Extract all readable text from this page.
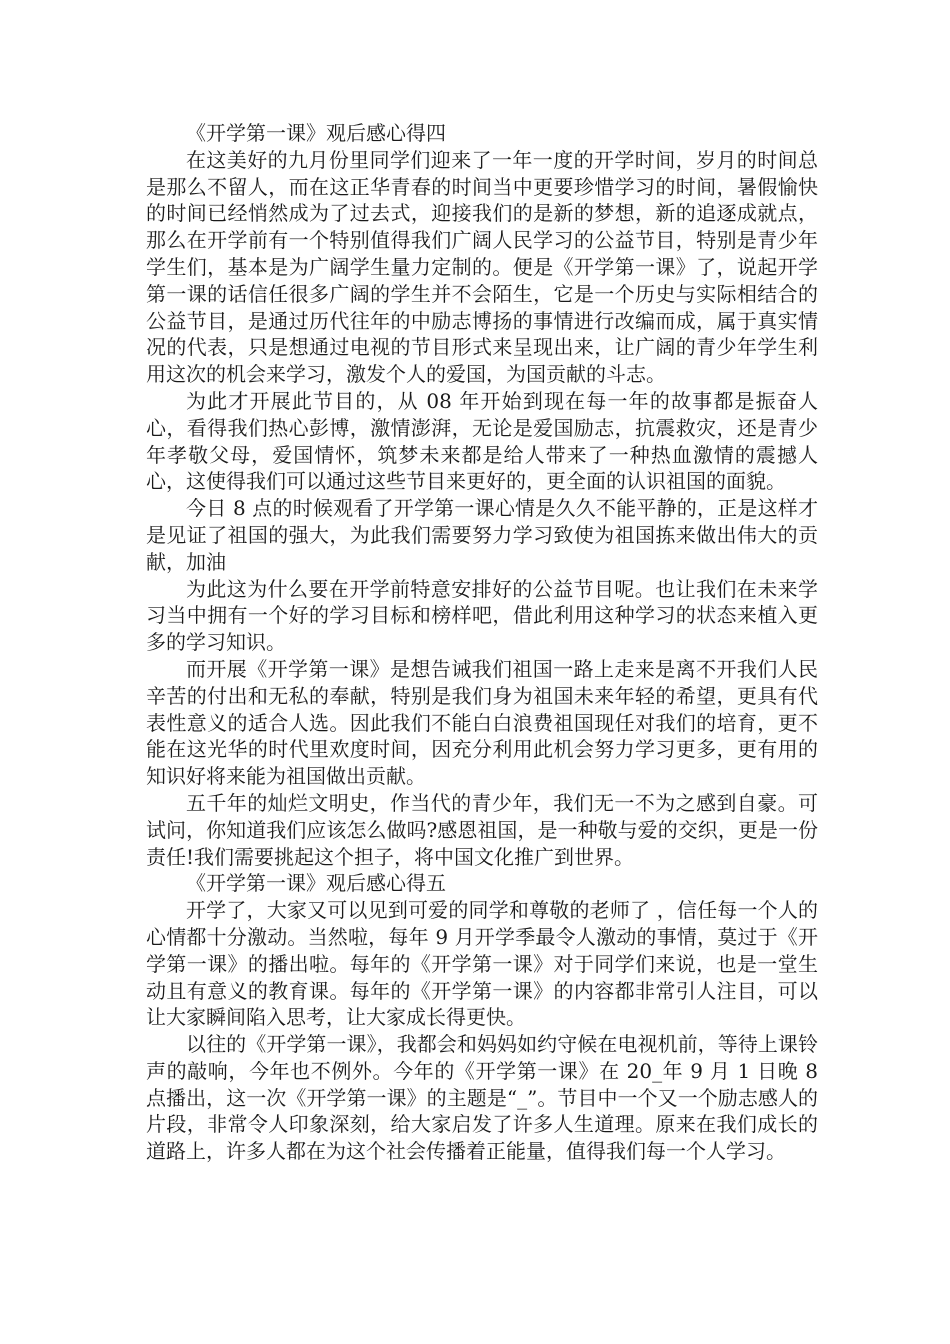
《开学第一课》观后感心得四

在这美好的九月份里同学们迎来了一年一度的开学时间，岁月的时间总是那么不留人，而在这正华青春的时间当中更要珍惜学习的时间，暑假愉快的时间已经悄然成为了过去式，迎接我们的是新的梦想，新的追逐成就点，那么在开学前有一个特别值得我们广阔人民学习的公益节目，特别是青少年学生们，基本是为广阔学生量力定制的。便是《开学第一课》了，说起开学第一课的话信任很多广阔的学生并不会陌生，它是一个历史与实际相结合的公益节目，是通过历代往年的中励志博扬的事情进行改编而成，属于真实情况的代表，只是想通过电视的节目形式来呈现出来，让广阔的青少年学生利用这次的机会来学习，激发个人的爱国，为国贡献的斗志。

为此才开展此节目的，从 08 年开始到现在每一年的故事都是振奋人心，看得我们热心彭博，激情澎湃，无论是爱国励志，抗震救灾，还是青少年孝敬父母，爱国情怀，筑梦未来都是给人带来了一种热血激情的震撼人心，这使得我们可以通过这些节目来更好的，更全面的认识祖国的面貌。

今日 8 点的时候观看了开学第一课心情是久久不能平静的，正是这样才是见证了祖国的强大，为此我们需要努力学习致使为祖国拣来做出伟大的贡献，加油

为此这为什么要在开学前特意安排好的公益节目呢。也让我们在未来学习当中拥有一个好的学习目标和榜样吧，借此利用这种学习的状态来植入更多的学习知识。

而开展《开学第一课》是想告诫我们祖国一路上走来是离不开我们人民辛苦的付出和无私的奉献，特别是我们身为祖国未来年轻的希望，更具有代表性意义的适合人选。因此我们不能白白浪费祖国现任对我们的培育，更不能在这光华的时代里欢度时间，因充分利用此机会努力学习更多，更有用的知识好将来能为祖国做出贡献。

五千年的灿烂文明史，作当代的青少年，我们无一不为之感到自豪。可试问，你知道我们应该怎么做吗?感恩祖国，是一种敬与爱的交织，更是一份责任!我们需要挑起这个担子，将中国文化推广到世界。

《开学第一课》观后感心得五

开学了，大家又可以见到可爱的同学和尊敬的老师了 ，信任每一个人的心情都十分激动。当然啦，每年 9 月开学季最令人激动的事情，莫过于《开学第一课》的播出啦。每年的《开学第一课》对于同学们来说，也是一堂生动且有意义的教育课。每年的《开学第一课》的内容都非常引人注目，可以让大家瞬间陷入思考，让大家成长得更快。

以往的《开学第一课》，我都会和妈妈如约守候在电视机前，等待上课铃声的敲响，今年也不例外。今年的《开学第一课》在 20_年 9 月 1 日晚 8 点播出，这一次《开学第一课》的主题是“_”。节目中一个又一个励志感人的片段，非常令人印象深刻，给大家启发了许多人生道理。原来在我们成长的道路上，许多人都在为这个社会传播着正能量，值得我们每一个人学习。
